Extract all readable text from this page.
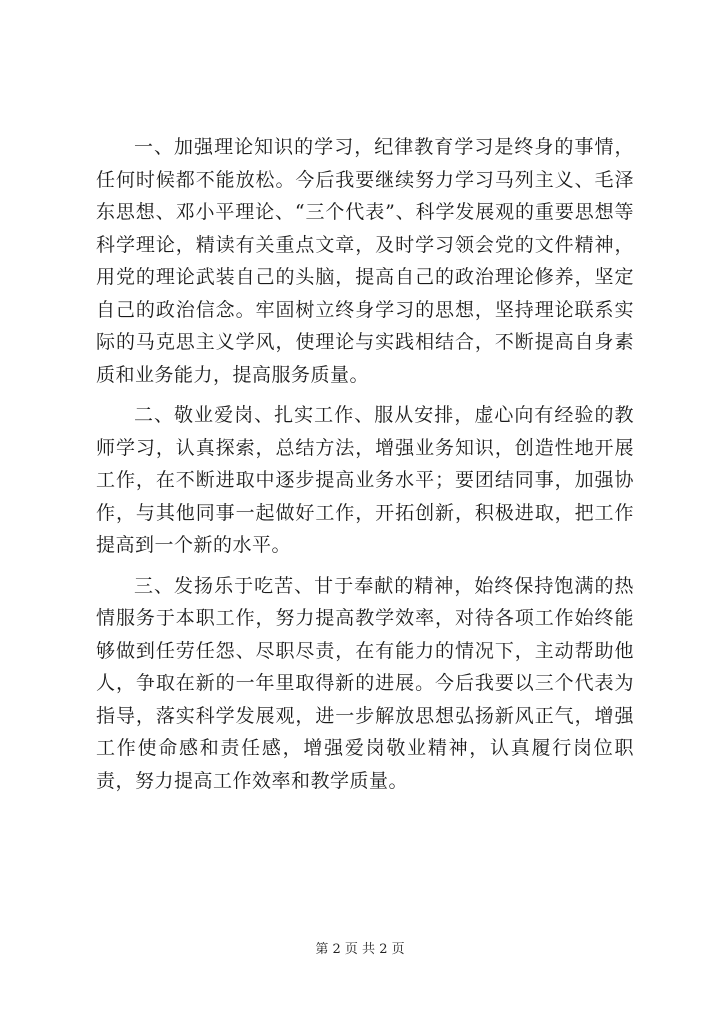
一、加强理论知识的学习，纪律教育学习是终身的事情，任何时候都不能放松。今后我要继续努力学习马列主义、毛泽东思想、邓小平理论、“三个代表”、科学发展观的重要思想等科学理论，精读有关重点文章，及时学习领会党的文件精神，用党的理论武装自己的头脑，提高自己的政治理论修养，坚定自己的政治信念。牢固树立终身学习的思想，坚持理论联系实际的马克思主义学风，使理论与实践相结合，不断提高自身素质和业务能力，提高服务质量。

二、敬业爱岗、扎实工作、服从安排，虚心向有经验的教师学习，认真探索，总结方法，增强业务知识，创造性地开展工作，在不断进取中逐步提高业务水平；要团结同事，加强协作，与其他同事一起做好工作，开拓创新，积极进取，把工作提高到一个新的水平。

三、发扬乐于吃苦、甘于奉献的精神，始终保持饱满的热情服务于本职工作，努力提高教学效率，对待各项工作始终能够做到任劳任怨、尽职尽责，在有能力的情况下，主动帮助他人，争取在新的一年里取得新的进展。今后我要以三个代表为指导，落实科学发展观，进一步解放思想弘扬新风正气，增强工作使命感和责任感，增强爱岗敬业精神，认真履行岗位职责，努力提高工作效率和教学质量。

第 2 页 共 2 页
